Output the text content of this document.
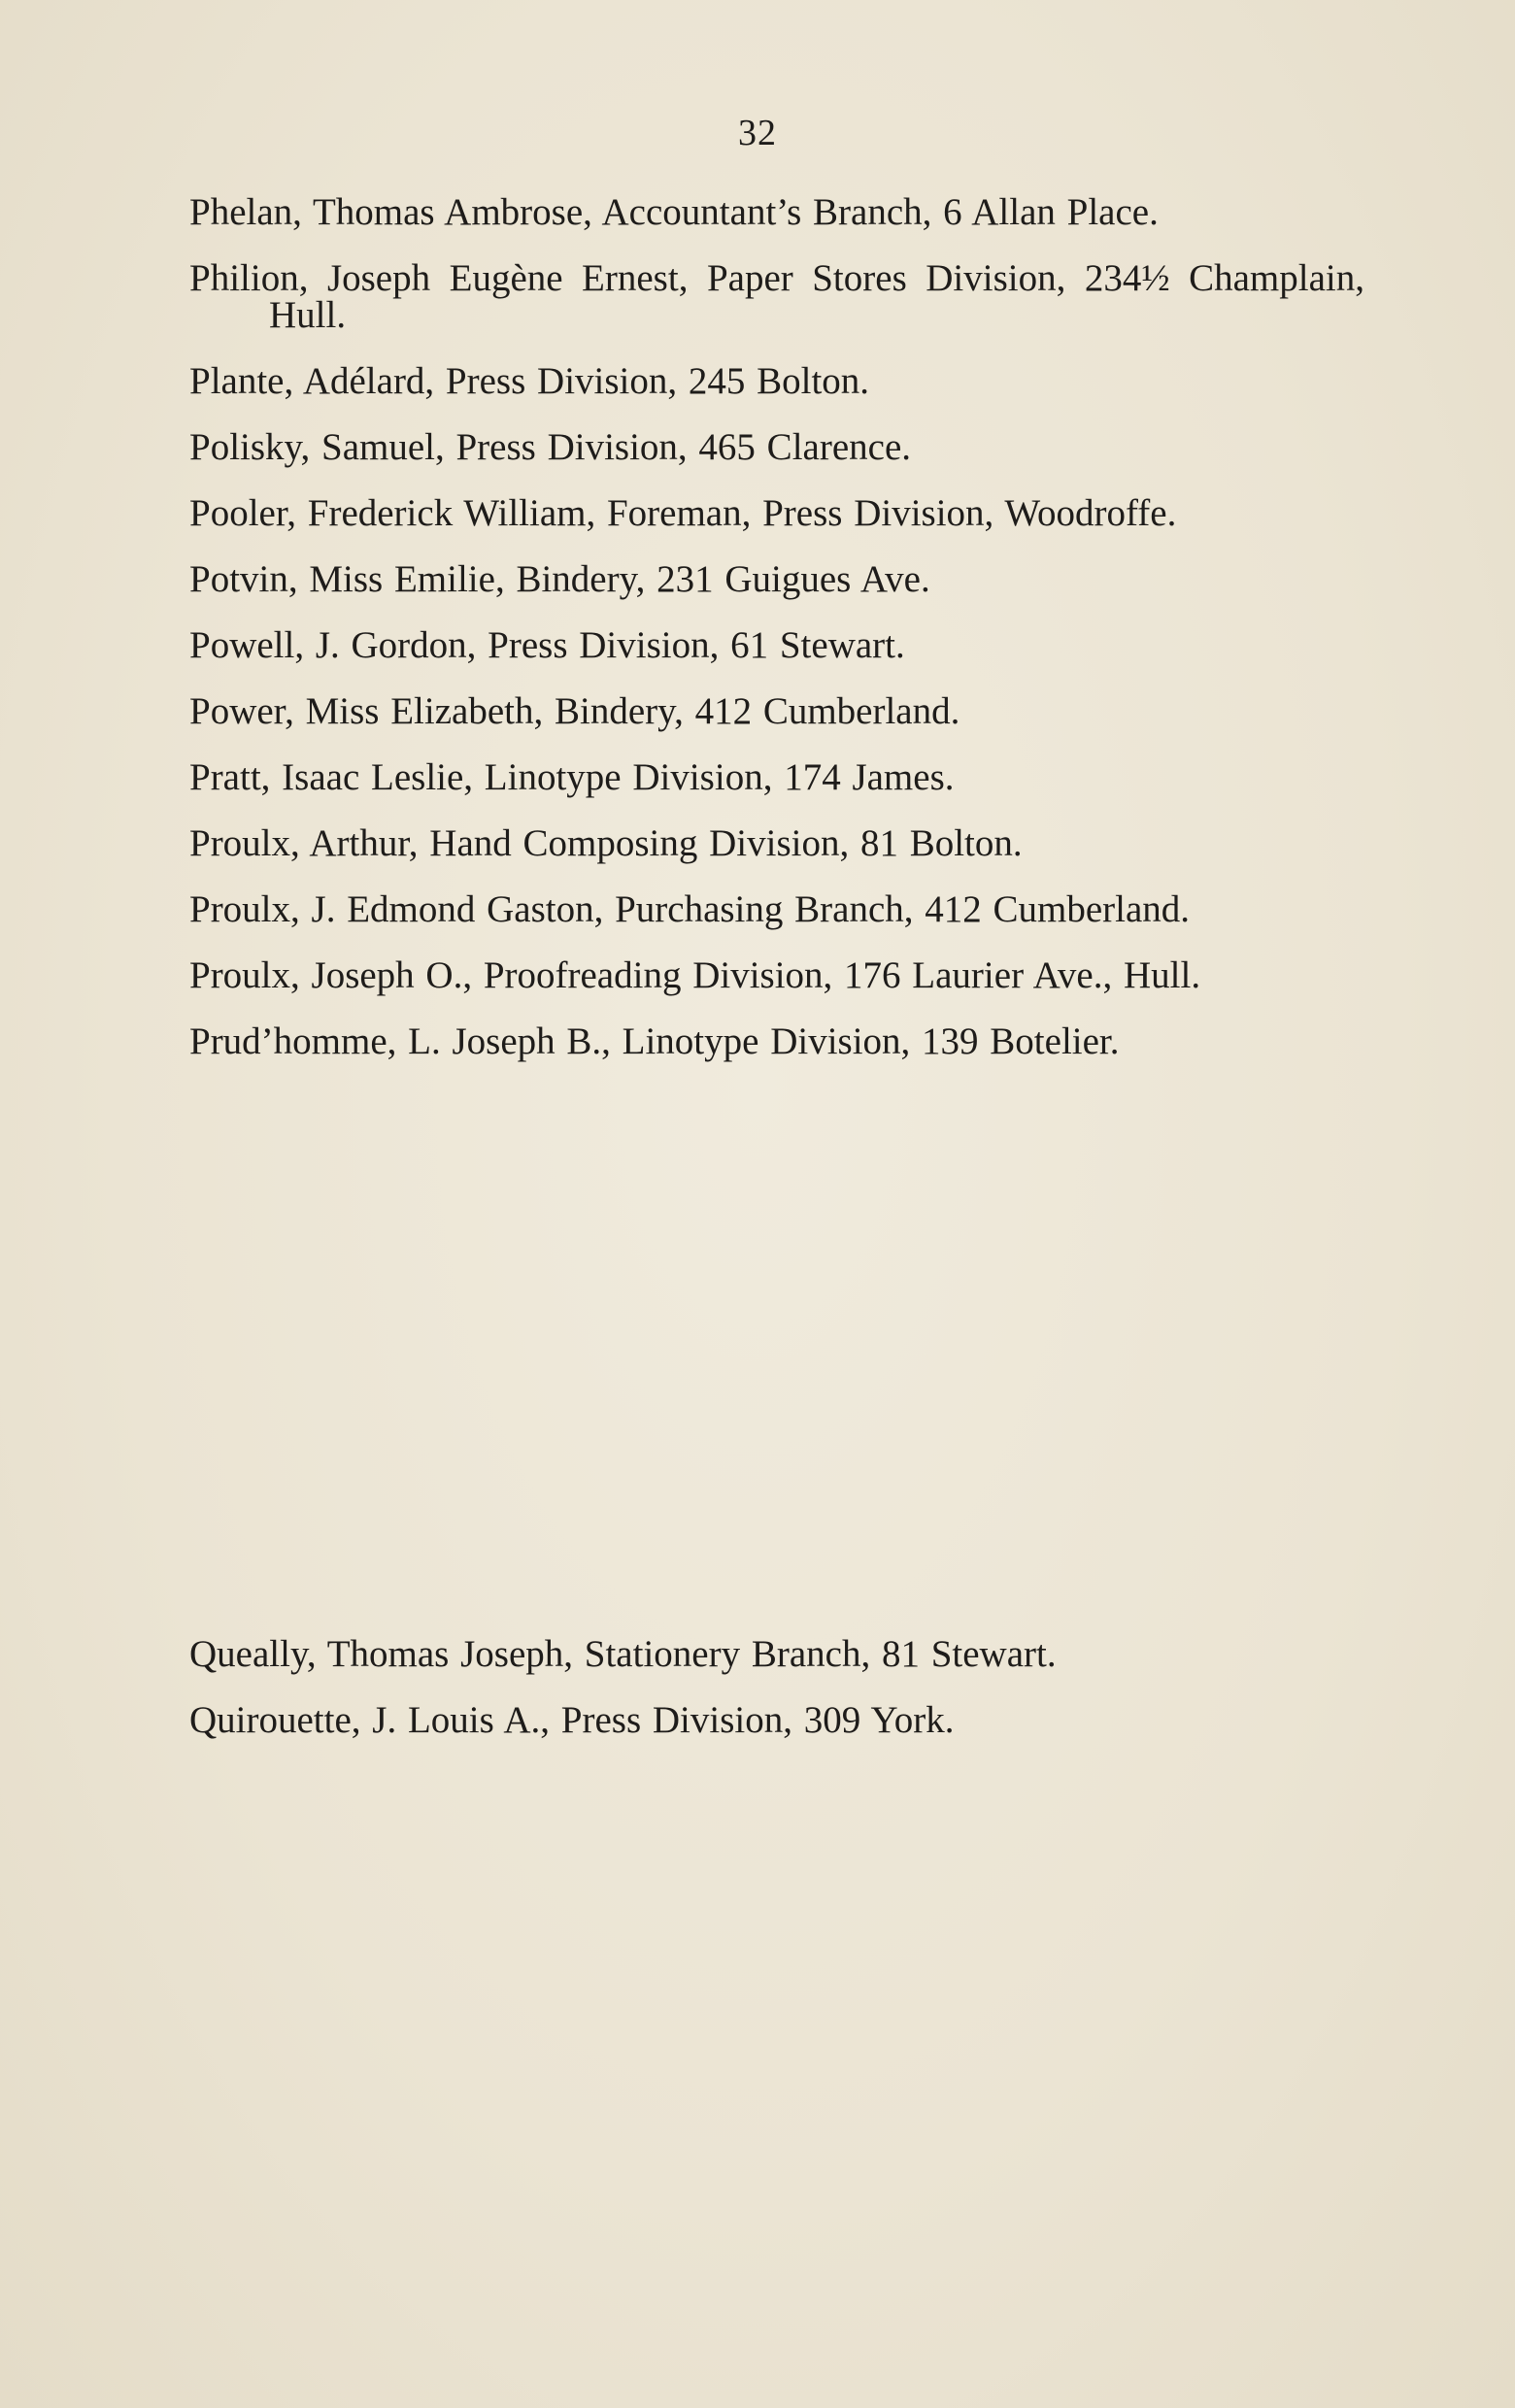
32

Phelan, Thomas Ambrose, Accountant’s Branch, 6 Allan Place.

Philion, Joseph Eugène Ernest, Paper Stores Division, 234½ Champlain, Hull.

Plante, Adélard, Press Division, 245 Bolton.

Polisky, Samuel, Press Division, 465 Clarence.

Pooler, Frederick William, Foreman, Press Division, Woodroffe.

Potvin, Miss Emilie, Bindery, 231 Guigues Ave.

Powell, J. Gordon, Press Division, 61 Stewart.

Power, Miss Elizabeth, Bindery, 412 Cumberland.

Pratt, Isaac Leslie, Linotype Division, 174 James.

Proulx, Arthur, Hand Composing Division, 81 Bolton.

Proulx, J. Edmond Gaston, Purchasing Branch, 412 Cumberland.

Proulx, Joseph O., Proofreading Division, 176 Laurier Ave., Hull.

Prud’homme, L. Joseph B., Linotype Division, 139 Botelier.

Queally, Thomas Joseph, Stationery Branch, 81 Stewart.

Quirouette, J. Louis A., Press Division, 309 York.
